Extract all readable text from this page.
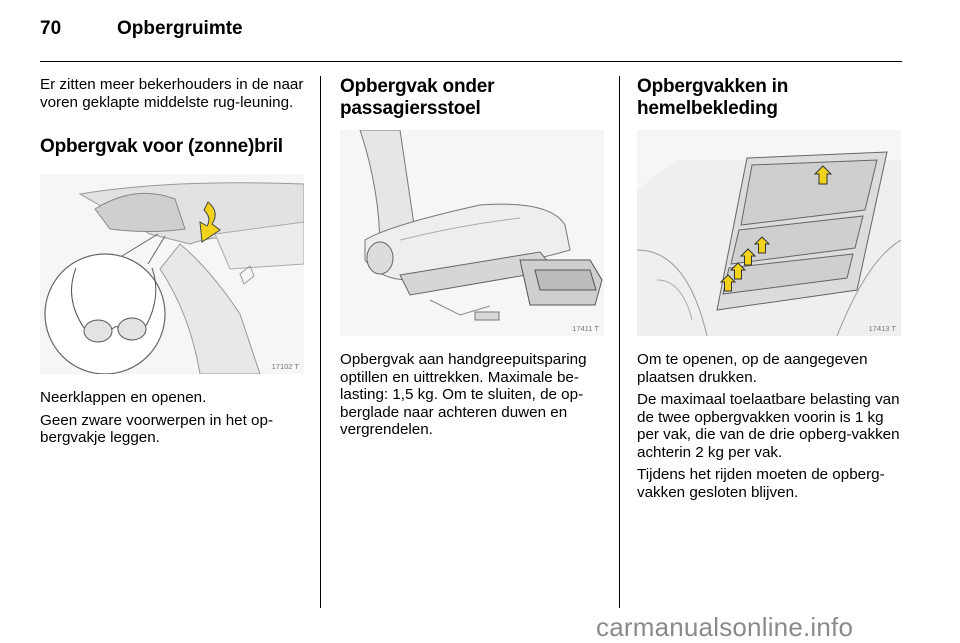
70	Opbergruimte

Er zitten meer bekerhouders in de naar voren geklapte middelste rug-leuning.

Opbergvak voor (zonne)bril
17102 T

Neerklappen en openen.

Geen zware voorwerpen in het op-bergvakje leggen.

Opbergvak onder passagiersstoel
17411 T

Opbergvak aan handgreepuitsparing optillen en uittrekken. Maximale be-lasting: 1,5 kg. Om te sluiten, de op-berglade naar achteren duwen en vergrendelen.

Opbergvakken in hemelbekleding
17413 T

Om te openen, op de aangegeven plaatsen drukken.

De maximaal toelaatbare belasting van de twee opbergvakken voorin is 1 kg per vak, die van de drie opberg-vakken achterin 2 kg per vak.

Tijdens het rijden moeten de opberg-vakken gesloten blijven.

carmanualsonline.info
